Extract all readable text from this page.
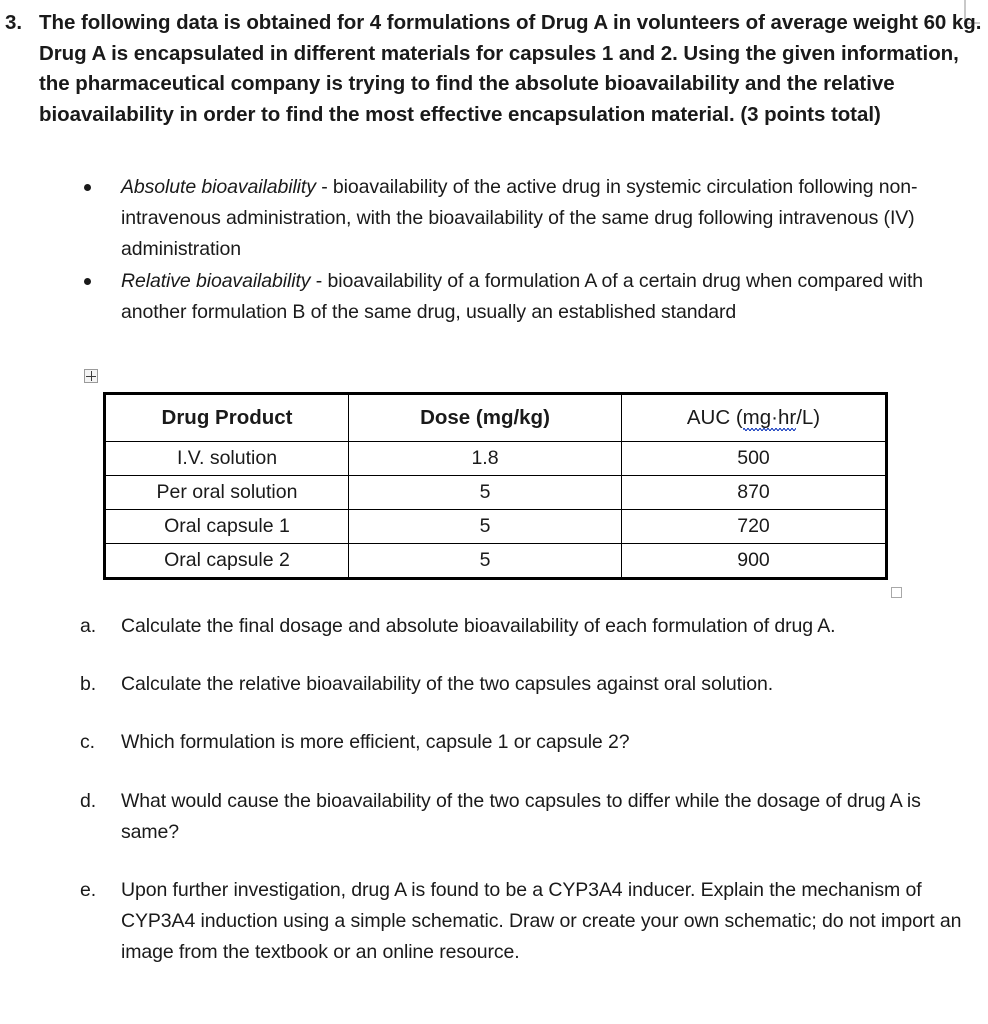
3. The following data is obtained for 4 formulations of Drug A in volunteers of average weight 60 kg. Drug A is encapsulated in different materials for capsules 1 and 2. Using the given information, the pharmaceutical company is trying to find the absolute bioavailability and the relative bioavailability in order to find the most effective encapsulation material. (3 points total)
Absolute bioavailability - bioavailability of the active drug in systemic circulation following non-intravenous administration, with the bioavailability of the same drug following intravenous (IV) administration
Relative bioavailability - bioavailability of a formulation A of a certain drug when compared with another formulation B of the same drug, usually an established standard
Drug Product	Dose (mg/kg)	AUC (mg·hr/L)
I.V. solution	1.8	500
Per oral solution	5	870
Oral capsule 1	5	720
Oral capsule 2	5	900
a.	Calculate the final dosage and absolute bioavailability of each formulation of drug A.
b.	Calculate the relative bioavailability of the two capsules against oral solution.
c.	Which formulation is more efficient, capsule 1 or capsule 2?
d.	What would cause the bioavailability of the two capsules to differ while the dosage of drug A is same?
e.	Upon further investigation, drug A is found to be a CYP3A4 inducer. Explain the mechanism of CYP3A4 induction using a simple schematic. Draw or create your own schematic; do not import an image from the textbook or an online resource.
